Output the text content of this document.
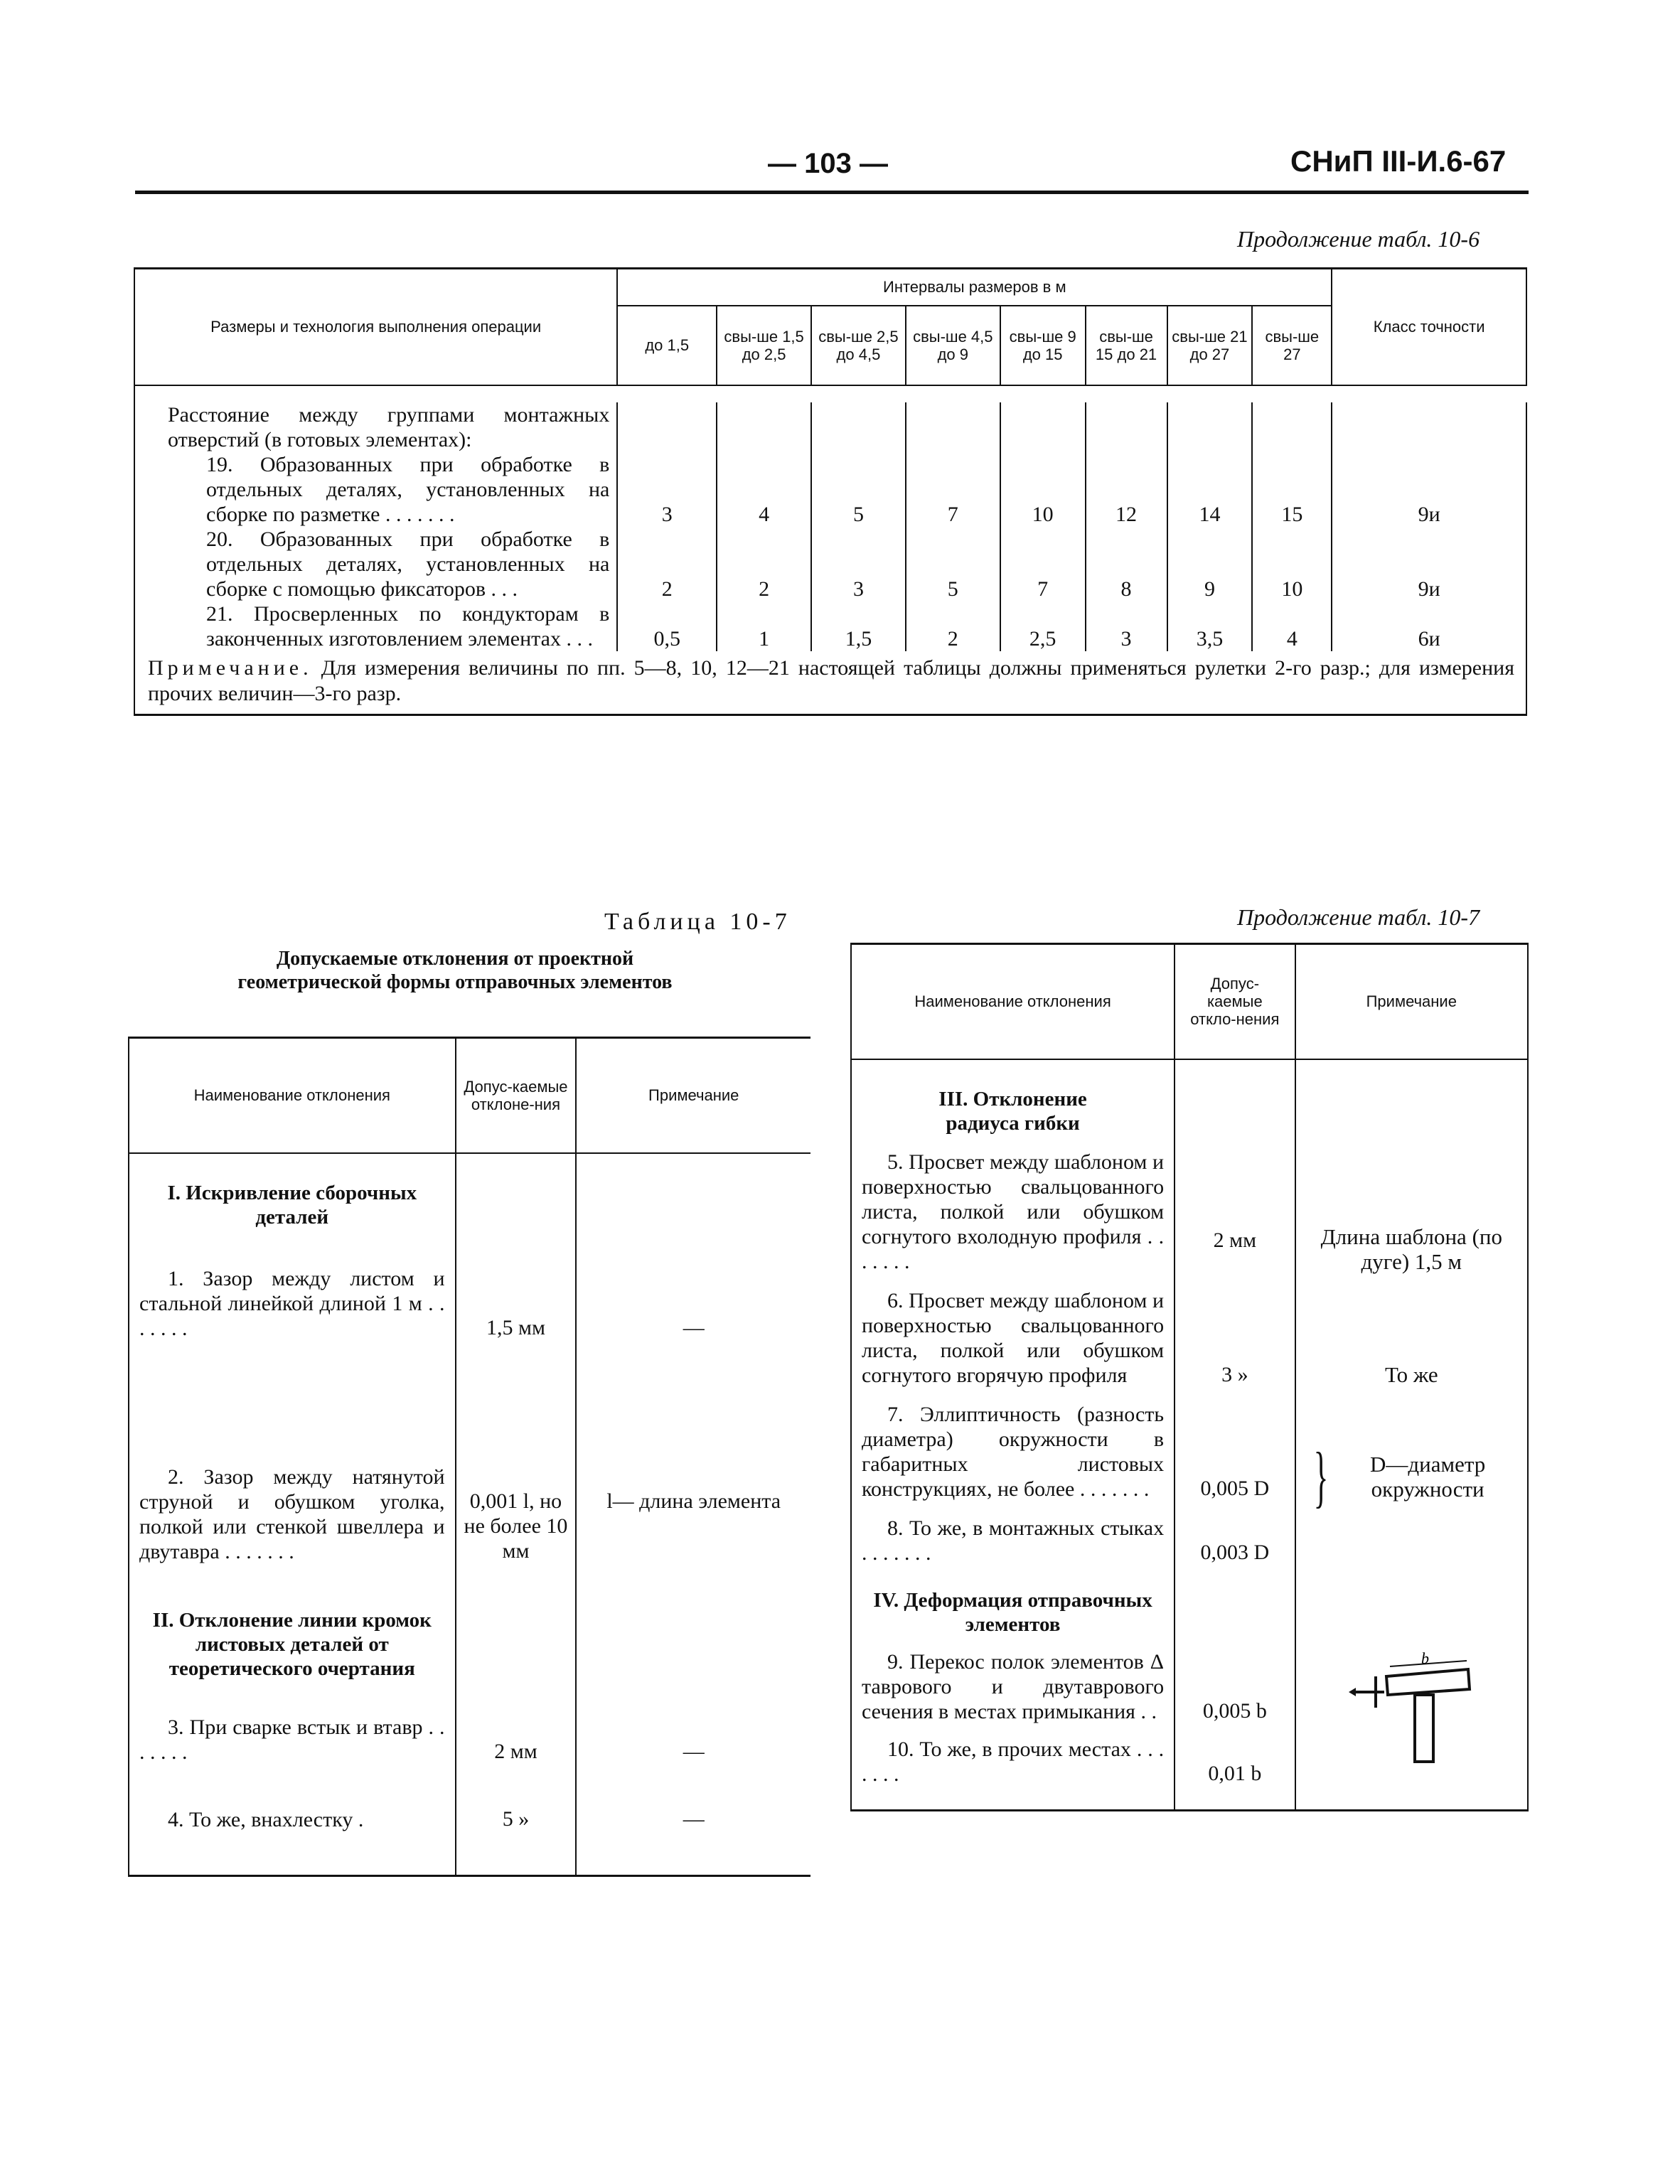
— 103 —	СНиП III-И.6-67
Продолжение табл. 10-6
Размеры и технология выполнения операции	Интервалы размеров в м								Класс точности
	до 1,5	свы-ше 1,5 до 2,5	свы-ше 2,5 до 4,5	свы-ше 4,5 до 9	свы-ше 9 до 15	свы-ше 15 до 21	свы-ше 21 до 27	свы-ше 27	

Расстояние между группами монтажных отверстий (в готовых элементах):									
19. Образованных при обработке в отдельных деталях, установленных на сборке по разметке . . .	3	4	5	7	10	12	14	15	9и
20. Образованных при обработке в отдельных деталях, установленных на сборке с помощью фиксаторов . . .	2	2	3	5	7	8	9	10	9и
21. Просверленных по кондукторам в законченных изготовлением элементах . . .	0,5	1	1,5	2	2,5	3	3,5	4	6и
Примечание. Для измерения величины по пп. 5—8, 10, 12—21 настоящей таблицы должны применяться рулетки 2-го разр.; для измерения прочих величин—3-го разр.									
Таблица 10-7
Допускаемые отклонения от проектной геометрической формы отправочных элементов
Наименование отклонения	Допус-каемые отклоне-ния	Примечание

I. Искривление сборочных деталей		
1. Зазор между листом и стальной линейкой длиной 1 м . . .	1,5 мм	—
2. Зазор между натянутой струной и обушком уголка, полкой или стенкой швеллера и двутавра . . .	0,001 l, но не более 10 мм	l— длина элемента

II. Отклонение линии кромок листовых деталей от теоретического очертания		
3. При сварке встык и втавр . . .	2 мм	—
4. То же, внахлестку .	5 »	—

Продолжение табл. 10-7
Наименование отклонения	Допус-каемые откло-нения	Примечание

III. Отклонение радиуса гибки		
5. Просвет между шаблоном и поверхностью свальцованного листа, полкой или обушком согнутого вхолодную профиля . . .	2 мм	Длина шаблона (по дуге) 1,5 м
6. Просвет между шаблоном и поверхностью свальцованного листа, полкой или обушком согнутого вгорячую профиля	3 »	То же
7. Эллиптичность (разность диаметра) окружности в габаритных листовых конструкциях, не более . . .	0,005 D	} D—диаметр окружности
8. То же, в монтажных стыках . . .	0,003 D	

IV. Деформация отправочных элементов		
9. Перекос полок элементов Δ таврового и двутаврового сечения в местах примыкания . .	0,005 b	b

10. То же, в прочих местах . . .	0,01 b	
